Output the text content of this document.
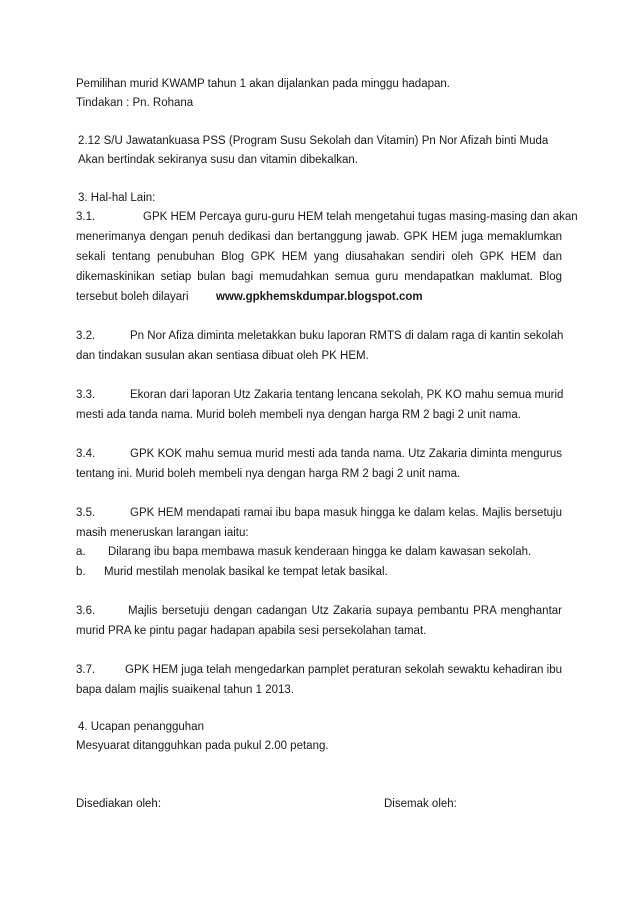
Pemilihan murid KWAMP tahun 1 akan dijalankan pada minggu hadapan.
Tindakan : Pn. Rohana
2.12 S/U Jawatankuasa PSS (Program Susu Sekolah dan Vitamin) Pn Nor Afizah binti Muda
Akan bertindak sekiranya susu dan vitamin dibekalkan.
3. Hal-hal Lain:
3.1.	GPK HEM Percaya guru-guru HEM telah mengetahui tugas masing-masing dan akan
menerimanya dengan penuh dedikasi dan bertanggung jawab. GPK HEM juga memaklumkan
sekali tentang penubuhan Blog GPK HEM yang diusahakan sendiri oleh GPK HEM dan
dikemaskinikan setiap bulan bagi memudahkan semua guru mendapatkan maklumat. Blog
tersebut boleh dilayari www.gpkhemskdumpar.blogspot.com
3.2.	Pn Nor Afiza diminta meletakkan buku laporan RMTS di dalam raga di kantin sekolah
dan tindakan susulan akan sentiasa dibuat oleh PK HEM.
3.3.	Ekoran dari laporan Utz Zakaria tentang lencana sekolah, PK KO mahu semua murid
mesti ada tanda nama. Murid boleh membeli nya dengan harga RM 2 bagi 2 unit nama.
3.4.	GPK KOK mahu semua murid mesti ada tanda nama. Utz Zakaria diminta mengurus
tentang ini. Murid boleh membeli nya dengan harga RM 2 bagi 2 unit nama.
3.5.	GPK HEM mendapati ramai ibu bapa masuk hingga ke dalam kelas. Majlis bersetuju
masih meneruskan larangan iaitu:
a. Dilarang ibu bapa membawa masuk kenderaan hingga ke dalam kawasan sekolah.
b. Murid mestilah menolak basikal ke tempat letak basikal.
3.6.	Majlis bersetuju dengan cadangan Utz Zakaria supaya pembantu PRA menghantar
murid PRA ke pintu pagar hadapan apabila sesi persekolahan tamat.
3.7.	GPK HEM juga telah mengedarkan pamplet peraturan sekolah sewaktu kehadiran ibu
bapa dalam majlis suaikenal tahun 1 2013.
4. Ucapan penangguhan
Mesyuarat ditangguhkan pada pukul 2.00 petang.
Disediakan oleh:	Disemak oleh:
